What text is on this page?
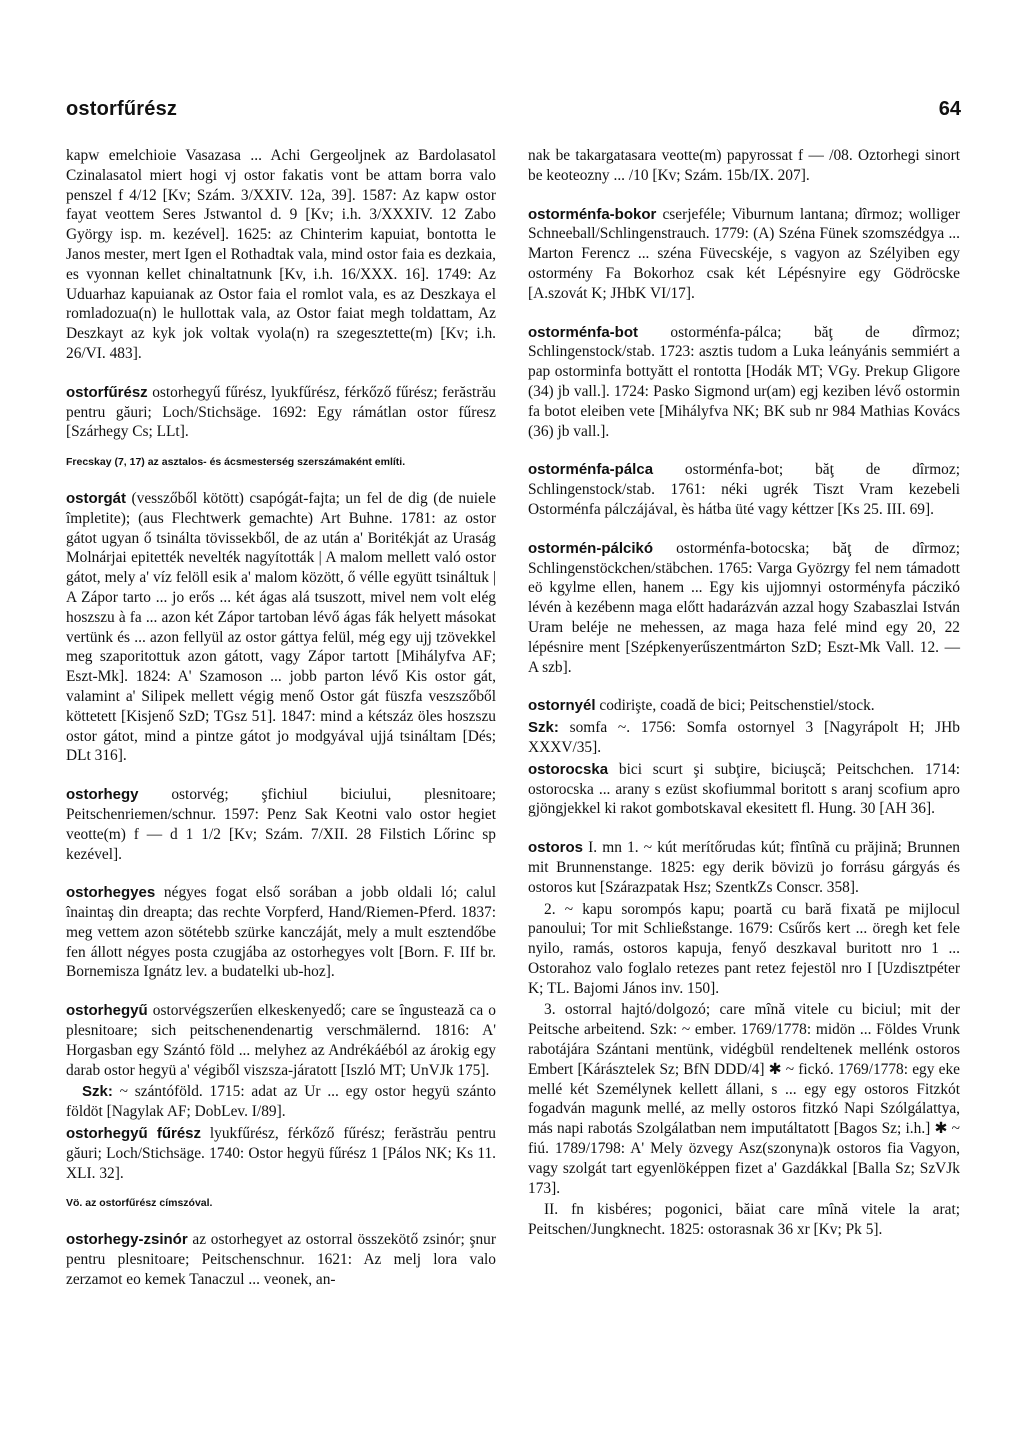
ostorfűrész	64

kapw emelchioie Vasazasa ... Achi Gergeoljnek az Bardolasatol Czinalasatol miert hogi vj ostor fakatis vont be attam borra valo penszel f 4/12 [Kv; Szám. 3/XXIV. 12a, 39]. 1587: Az kapw ostor fayat veottem Seres Jstwantol d. 9 [Kv; i.h. 3/XXXIV. 12 Zabo György isp. m. kezével]. 1625: az Chinterim kapuiat, bontotta le Janos mester, mert Igen el Rothadtak vala, mind ostor faia es dezkaia, es vyonnan kellet chinaltatnunk [Kv, i.h. 16/XXX. 16]. 1749: Az Uduarhaz kapuianak az Ostor faia el romlot vala, es az Deszkaya el romladozua(n) le hullottak vala, az Ostor faiat megh toldattam, Az Deszkayt az kyk jok voltak vyola(n) ra szegesztette(m) [Kv; i.h. 26/VI. 483].

ostorfűrész ostorhegyű fűrész, lyukfűrész, férkőző fűrész; ferăstrău pentru găuri; Loch/Stichsäge. 1692: Egy rámátlan ostor fűresz [Szárhegy Cs; LLt].

Frecskay (7, 17) az asztalos- és ácsmesterség szerszámaként említi.

ostorgát (vesszőből kötött) csapógát-fajta; un fel de dig (de nuiele împletite); (aus Flechtwerk gemachte) Art Buhne. 1781: az ostor gátot ugyan ő tsinálta tövissekből, de az után a' Boritékját az Uraság Molnárjai epitették nevelték nagyították | A malom mellett való ostor gátot, mely a' víz felöll esik a' malom között, ő vélle együtt tsináltuk | A Zápor tarto ... jo erős ... két ágas alá tsuszott, mivel nem volt elég hoszszu à fa ... azon két Zápor tartoban lévő ágas fák helyett másokat vertünk és ... azon fellyül az ostor gáttya felül, még egy ujj tzövekkel meg szaporitottuk azon gátott, vagy Zápor tartott [Mihályfva AF; Eszt-Mk]. 1824: A' Szamoson ... jobb parton lévő Kis ostor gát, valamint a' Silipek mellett végig menő Ostor gát füszfa veszszőből köttetett [Kisjenő SzD; TGsz 51]. 1847: mind a kétszáz öles hoszszu ostor gátot, mind a pintze gátot jo modgyával ujjá tsináltam [Dés; DLt 316].

ostorhegy ostorvég; şfichiul biciului, plesnitoare; Peitschenriemen/schnur. 1597: Penz Sak Keotni valo ostor hegiet veotte(m) f — d 1 1/2 [Kv; Szám. 7/XII. 28 Filstich Lőrinc sp kezével].

ostorhegyes négyes fogat első sorában a jobb oldali ló; calul înaintaş din dreapta; das rechte Vorpferd, Hand/Riemen-Pferd. 1837: meg vettem azon sötétebb szürke kanczáját, mely a mult esztendőbe fen állott négyes posta czugjába az ostorhegyes volt [Born. F. IIf br. Bornemisza Ignátz lev. a budatelki ub-hoz].

ostorhegyű ostorvégszerűen elkeskenyedő; care se îngustează ca o plesnitoare; sich peitschenendenartig verschmälernd. 1816: A' Horgasban egy Szántó föld ... melyhez az Andrékáéból az árokig egy darab ostor hegyü a' végiből viszsza-járatott [Iszló MT; UnVJk 175].

Szk: ~ szántóföld. 1715: adat az Ur ... egy ostor hegyü szánto földöt [Nagylak AF; DobLev. I/89].

ostorhegyű fűrész lyukfűrész, férkőző fűrész; ferăstrău pentru găuri; Loch/Stichsäge. 1740: Ostor hegyü fűrész 1 [Pálos NK; Ks 11. XLI. 32].

Vö. az ostorfűrész címszóval.

ostorhegy-zsinór az ostorhegyet az ostorral összekötő zsinór; şnur pentru plesnitoare; Peitschenschnur. 1621: Az melj lora valo zerzamot eo kemek Tanaczul ... veonek, an-

nak be takargatasara veotte(m) papyrossat f — /08. Oztorhegi sinort be keoteozny ... /10 [Kv; Szám. 15b/IX. 207].

ostorménfa-bokor cserjeféle; Viburnum lantana; dîrmoz; wolliger Schneeball/Schlingenstrauch. 1779: (A) Széna Fünek szomszédgya ... Marton Ferencz ... széna Füvecskéje, s vagyon az Szélyiben egy ostormény Fa Bokorhoz csak két Lépésnyire egy Gödröcske [A.szovát K; JHbK VI/17].

ostorménfa-bot ostorménfa-pálca; băţ de dîrmoz; Schlingenstock/stab. 1723: asztis tudom a Luka leányánis semmiért a pap ostorminfa bottyătt el rontotta [Hodák MT; VGy. Prekup Gligore (34) jb vall.]. 1724: Pasko Sigmond ur(am) egj keziben lévő ostormin fa botot eleiben vete [Mihályfva NK; BK sub nr 984 Mathias Kovács (36) jb vall.].

ostorménfa-pálca ostorménfa-bot; băţ de dîrmoz; Schlingenstock/stab. 1761: néki ugrék Tiszt Vram kezebeli Ostorménfa pálczájával, ès hátba üté vagy kéttzer [Ks 25. III. 69].

ostormén-pálcikó ostorménfa-botocska; băţ de dîrmoz; Schlingenstöckchen/stäbchen. 1765: Varga Gyözrgy fel nem támadott eö kgylme ellen, hanem ... Egy kis ujjomnyi ostorményfa páczikó lévén à kezébenn maga előtt hadarázván azzal hogy Szabaszlai István Uram beléje ne mehessen, az maga haza felé mind egy 20, 22 lépésnire ment [Szépkenyerűszentmárton SzD; Eszt-Mk Vall. 12. — A szb].

ostornyél codirişte, coadă de bici; Peitschenstiel/stock.

Szk: somfa ~. 1756: Somfa ostornyel 3 [Nagyrápolt H; JHb XXXV/35].

ostorocska bici scurt şi subţire, biciuşcă; Peitschchen. 1714: ostorocska ... arany s ezüst skofiummal boritott s aranj scofium apro gjöngjekkel ki rakot gombotskaval ekesitett fl. Hung. 30 [AH 36].

ostoros I. mn 1. ~ kút merítőrudas kút; fîntînă cu prăjină; Brunnen mit Brunnenstange. 1825: egy derik bövizü jo forrásu gárgyás és ostoros kut [Szárazpatak Hsz; SzentkZs Conscr. 358].

2. ~ kapu sorompós kapu; poartă cu bară fixată pe mijlocul panoului; Tor mit Schließstange. 1679: Csűrős kert ... öregh ket fele nyilo, ramás, ostoros kapuja, fenyő deszkaval buritott nro 1 ... Ostorahoz valo foglalo retezes pant retez fejestöl nro I [Uzdisztpéter K; TL. Bajomi János inv. 150].

3. ostorral hajtó/dolgozó; care mînă vitele cu biciul; mit der Peitsche arbeitend. Szk: ~ ember. 1769/1778: midön ... Földes Vrunk rabotájára Szántani mentünk, vidégbül rendeltenek mellénk ostoros Embert [Kárásztelek Sz; BfN DDD/4] ✱ ~ fickó. 1769/1778: egy eke mellé két Személynek kellett állani, s ... egy egy ostoros Fitzkót fogadván magunk mellé, az melly ostoros fitzkó Napi Szólgálattya, más napi rabotás Szolgálatban nem imputáltatott [Bagos Sz; i.h.] ✱ ~ fiú. 1789/1798: A' Mely özvegy Asz(szonyna)k ostoros fia Vagyon, vagy szolgát tart egyenlöképpen fizet a' Gazdákkal [Balla Sz; SzVJk 173].

II. fn kisbéres; pogonici, băiat care mînă vitele la arat; Peitschen/Jungknecht. 1825: ostorasnak 36 xr [Kv; Pk 5].
